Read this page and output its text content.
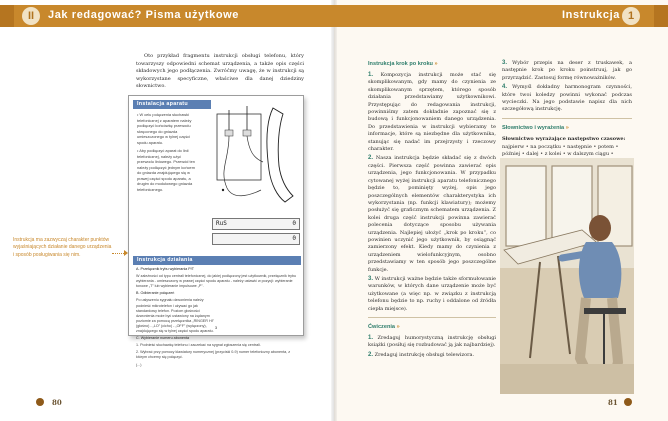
II	Jak redagować? Pisma użytkowe	Instrukcja 1
Oto przykład fragmentu instrukcji obsługi telefonu, który towarzyszy odpowiedni schemat urządzenia, a także opis części składowych jego podłączenia. Zwróćmy uwagę, że w instrukcji są wykorzystane specyficzne, właściwe dla danej dziedziny słownictwo.
Instrukcja ma zazwyczaj charakter punktów wyjaśniających działanie danego urządzenia i sposób posługiwania się nim.
Instalacja aparatu

• W celu połączenia słuchawki telefonicznej z aparatem należy podłączyć końcówkę przewodu skręconego do gniazda umieszczonego w tylnej części spodu aparatu.

• Aby podłączyć aparat do linii telefonicznej, należy użyć przewodu liniowego. Przewód ten należy podłączyć jednym końcem do gniazda znajdującego się w prawej części spodu aparatu, a drugim do modułowego gniazda telefonicznego.

RuS	0
0
Instrukcja działania

A. Przełącznik trybu wybierania P/T

W zależności od typu centrali telefonicznej, do jakiej podłączony jest użytkownik, przełącznik trybu wybierania - umieszczony w prawej części spodu aparatu - należy ustawić w pozycji: wybieranie tonowe „T” lub wybieranie impulsowe „P”.

B. Odbieranie połączeń

Po usłyszeniu sygnału dzwonienia należy podnieść mikrotelefon i używać go jak standardowy telefon. Poziom głośności dzwonienia może być ustawiony na żądanym poziomie za pomocą przełącznika „RINGER HI” (głośno) - „LO” (cicho) - „OFF” (wyłączony), znajdującego się w tylnej części spodu aparatu.

C. Wybieranie numeru abonenta

1. Podnieść słuchawkę telefonu i zaczekać na sygnał zgłoszenia się centrali.

2. Wybrać przy pomocy klawiatury numerycznej (przyciski 0-9) numer telefoniczny abonenta, z którym chcemy się połączyć.

(...)

3
80
Instrukcja krok po kroku »

1. Kompozycja instrukcji może stać się skomplikowanym, gdy mamy do czynienia ze skomplikowanym sprzętem, którego sposób działania przedstawiamy użytkownikowi. Przystępując do redagowania instrukcji, powinniśmy zatem dokładnie zapoznać się z budową i funkcjonowaniem danego urządzenia. Do przedstawienia w instrukcji wybieramy te informacje, które są niezbędne dla użytkownika, stanując się nadać im przejrzysty i rzeczowy charakter.

2. Nasza instrukcja będzie składać się z dwóch części. Pierwsza część powinna zawierać opis urządzenia, jego funkcjonowania. W przypadku cytowanej wyżej instrukcji aparatu telefonicznego będzie to, pominięty wyżej, opis jego poszczególnych elementów charakterystyka ich wykorzystania (np. funkcji klawiatury); możemy posłużyć się graficznym schematem urządzenia. Z kolei druga część instrukcji powinna zawierać polecenia dotyczące sposobu używania urządzenia. Najlepiej ułożyć „krok po kroku”, co powinien uczynić jego użytkownik, by osiągnąć zamierzony efekt. Kiedy mamy do czynienia z urządzeniem wielofunkcyjnym, osobno przedstawiamy w ten sposób jego poszczególne funkcje.

3. W instrukcji ważne będzie także sformułowanie warunków, w których dane urządzenie może być użytkowane (a więc np. w związku z instrukcją telefonu będzie to np. ruchy i oddalone od źródła ciepła miejsce).

Ćwiczenia »

1. Zredaguj humorystyczną instrukcję obsługi książki (posiłuj się rozbudować ją jak najbardziej).

2. Zredaguj instrukcję obsługi telewizora.

3. Wybór przepis na deser z truskawek, a następnie krok po kroku poinstruuj, jak go przyrządzić. Zastosuj formę równoważników.

4. Wymyśl dokładny harmonogram czynności, które twoi koledzy powinni wykonać podczas wycieczki. Na jego podstawie napisz dla nich szczegółową instrukcję.

Słownictwo i wyrażenia »
Słownictwo wyrażające następstwo czasowe:
najpierw • na początku • następnie • potem • później • dalej • z kolei • w dalszym ciągu •
81
